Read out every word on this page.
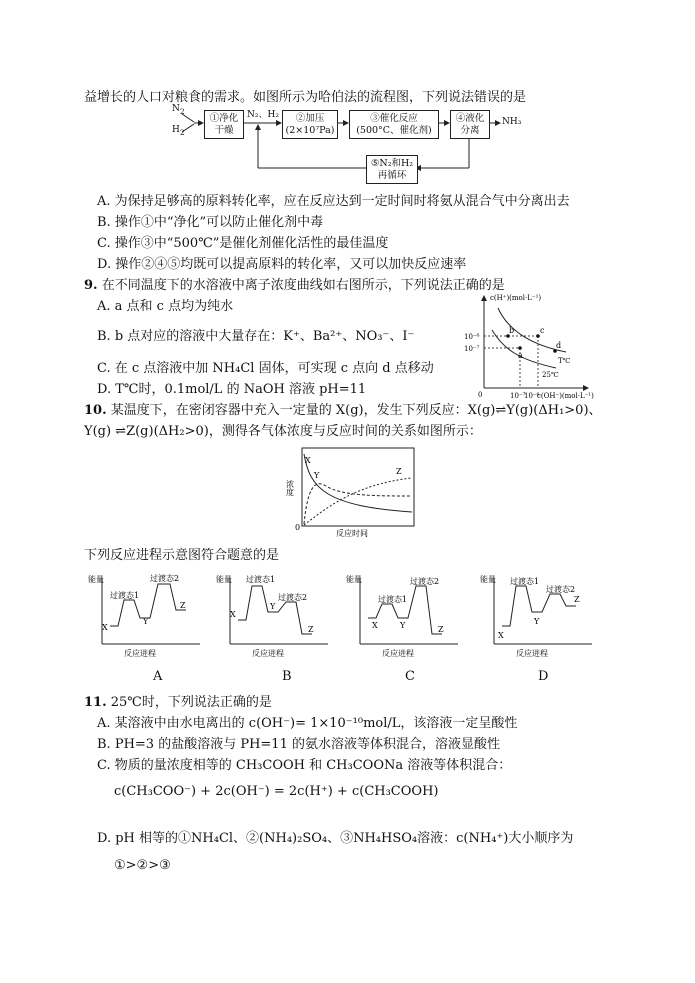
益增长的人口对粮食的需求。如图所示为哈伯法的流程图，下列说法错误的是
$N_2$
$H_2$
①净化
干燥
N₂、H₂	②加压
(2×10⁷Pa)
③催化反应
(500°C、催化剂)
④液化
分离
NH₃
⑤N₂和H₂
再循环
A. 为保持足够高的原料转化率，应在反应达到一定时间时将氨从混合气中分离出去
B. 操作①中“净化”可以防止催化剂中毒
C. 操作③中“500℃”是催化剂催化活性的最佳温度
D. 操作②④⑤均既可以提高原料的转化率，又可以加快反应速率
9. 在不同温度下的水溶液中离子浓度曲线如右图所示，下列说法正确的是
A. a 点和 c 点均为纯水
B. b 点对应的溶液中大量存在：K⁺、Ba²⁺、NO₃⁻、I⁻
C. 在 c 点溶液中加 NH₄Cl 固体，可实现 c 点向 d 点移动
D. T℃时，0.1mol/L 的 NaOH 溶液 pH=11
c(H⁺)(mol·L⁻¹)
c(OH⁻)(mol·L⁻¹)
10⁻⁶
10⁻⁷
10⁻⁷
10⁻⁶
0
a
b	c
d
T℃
25℃
10. 某温度下，在密闭容器中充入一定量的 X(g)，发生下列反应：X(g)⇌Y(g)(ΔH₁>0)、
Y(g) ⇌Z(g)(ΔH₂>0)，测得各气体浓度与反应时间的关系如图所示：
X
Y	Z
浓度
反应时间
0
下列反应进程示意图符合题意的是
能量
反应进程
过渡态1
过渡态2
X
Y
Z
能量
反应进程
过渡态1
过渡态2
X
Y
Z
能量
反应进程
过渡态1
过渡态2
X	Y	Z
能量
反应进程
过渡态1
过渡态2
X
Y
Z
A	B	C	D
11. 25℃时，下列说法正确的是
A. 某溶液中由水电离出的 c(OH⁻)= 1×10⁻¹⁰mol/L，该溶液一定呈酸性
B. PH=3 的盐酸溶液与 PH=11 的氨水溶液等体积混合，溶液显酸性
C. 物质的量浓度相等的 CH₃COOH 和 CH₃COONa 溶液等体积混合：
c(CH₃COO⁻) + 2c(OH⁻) = 2c(H⁺) + c(CH₃COOH)
D. pH 相等的①NH₄Cl、②(NH₄)₂SO₄、③NH₄HSO₄溶液：c(NH₄⁺)大小顺序为
①>②>③
